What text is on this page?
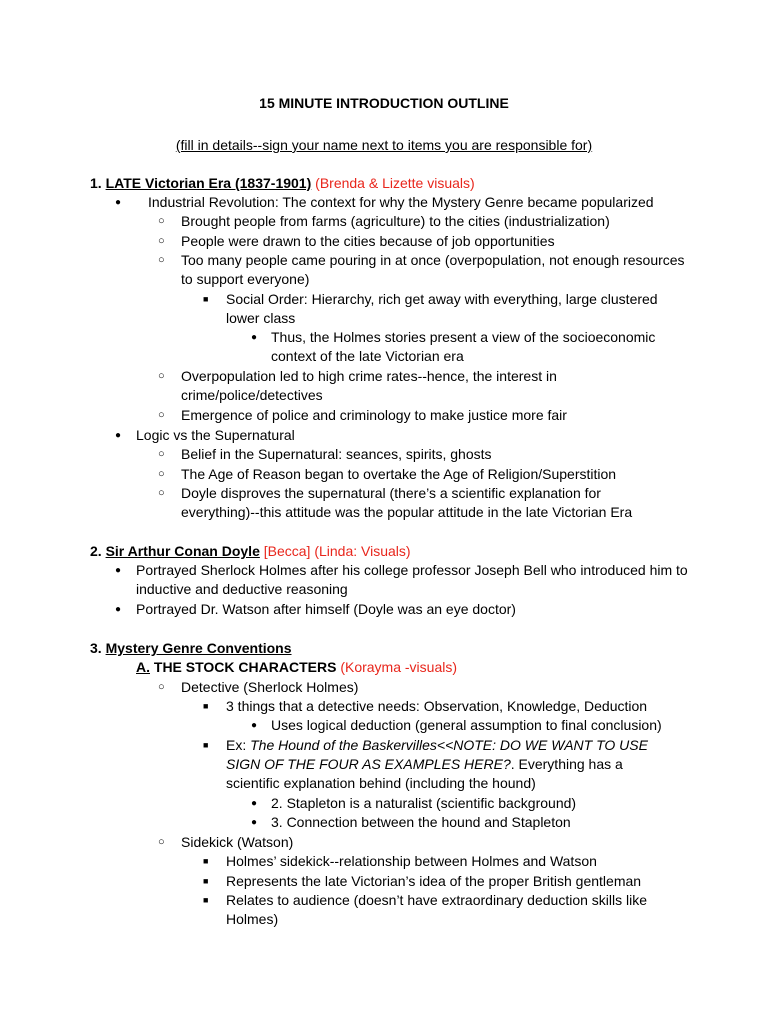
15 MINUTE INTRODUCTION OUTLINE
(fill in details--sign your name next to items you are responsible for)
1. LATE Victorian Era (1837-1901) (Brenda & Lizette visuals)
● Industrial Revolution: The context for why the Mystery Genre became popularized
○ Brought people from farms (agriculture) to the cities (industrialization)
○ People were drawn to the cities because of job opportunities
○ Too many people came pouring in at once (overpopulation, not enough resources
to support everyone)
■ Social Order: Hierarchy, rich get away with everything, large clustered
lower class
● Thus, the Holmes stories present a view of the socioeconomic
context of the late Victorian era
○ Overpopulation led to high crime rates--hence, the interest in
crime/police/detectives
○ Emergence of police and criminology to make justice more fair
● Logic vs the Supernatural
○ Belief in the Supernatural: seances, spirits, ghosts
○ The Age of Reason began to overtake the Age of Religion/Superstition
○ Doyle disproves the supernatural (there’s a scientific explanation for
everything)--this attitude was the popular attitude in the late Victorian Era
2. Sir Arthur Conan Doyle [Becca] (Linda: Visuals)
● Portrayed Sherlock Holmes after his college professor Joseph Bell who introduced him to
inductive and deductive reasoning
● Portrayed Dr. Watson after himself (Doyle was an eye doctor)
3. Mystery Genre Conventions
A. THE STOCK CHARACTERS (Korayma -visuals)
○ Detective (Sherlock Holmes)
■ 3 things that a detective needs: Observation, Knowledge, Deduction
● Uses logical deduction (general assumption to final conclusion)
■ Ex: The Hound of the Baskervilles<<NOTE: DO WE WANT TO USE
SIGN OF THE FOUR AS EXAMPLES HERE?. Everything has a
scientific explanation behind (including the hound)
● 2. Stapleton is a naturalist (scientific background)
● 3. Connection between the hound and Stapleton
○ Sidekick (Watson)
■ Holmes’ sidekick--relationship between Holmes and Watson
■ Represents the late Victorian’s idea of the proper British gentleman
■ Relates to audience (doesn’t have extraordinary deduction skills like
Holmes)
